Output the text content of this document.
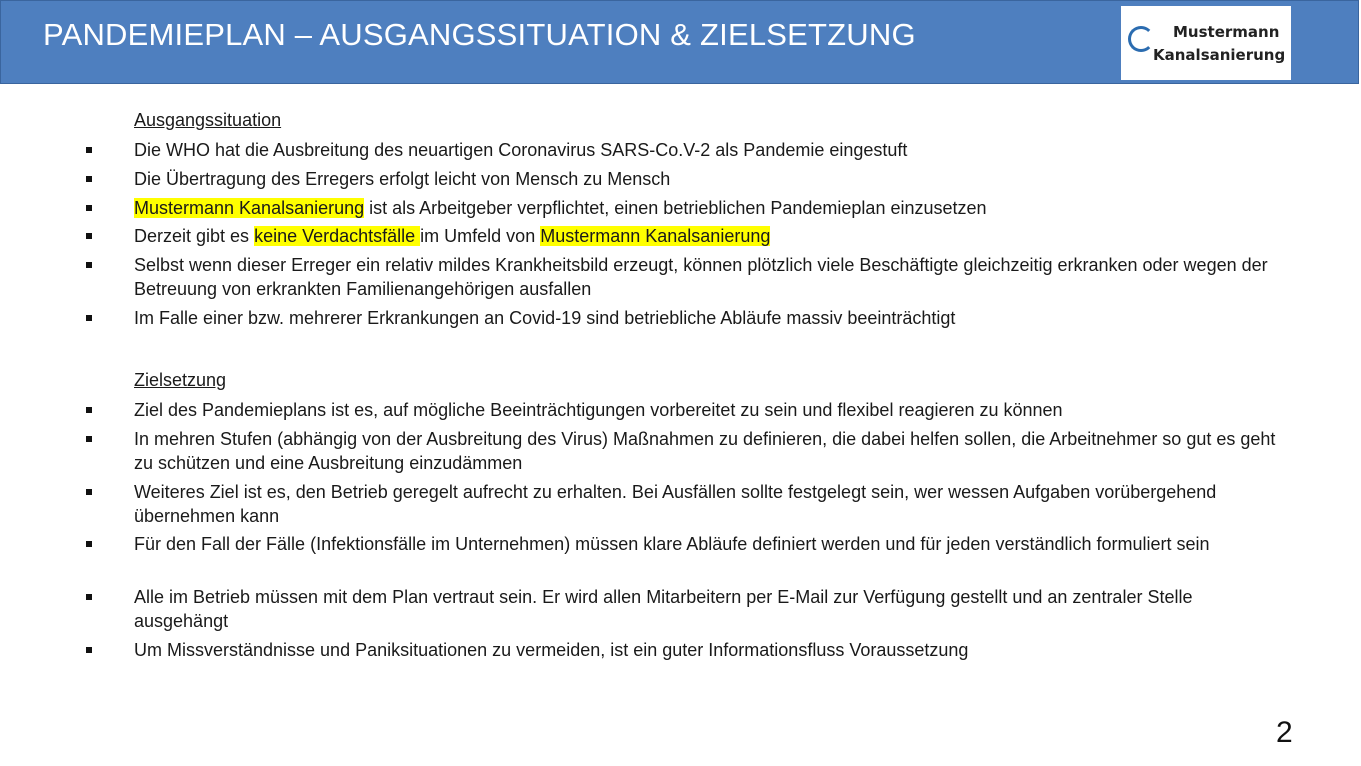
PANDEMIEPLAN – AUSGANGSSITUATION & ZIELSETZUNG	Mustermann
Kanalsanierung
Ausgangssituation
Die WHO hat die Ausbreitung des neuartigen Coronavirus SARS-Co.V-2 als Pandemie eingestuft
Die Übertragung des Erregers erfolgt leicht von Mensch zu Mensch
Mustermann Kanalsanierung ist als Arbeitgeber verpflichtet, einen betrieblichen Pandemieplan einzusetzen
Derzeit gibt es keine Verdachtsfälle im Umfeld von Mustermann Kanalsanierung
Selbst wenn dieser Erreger ein relativ mildes Krankheitsbild erzeugt, können plötzlich viele Beschäftigte gleichzeitig erkranken oder wegen der Betreuung von erkrankten Familienangehörigen ausfallen
Im Falle einer bzw. mehrerer Erkrankungen an Covid-19 sind betriebliche Abläufe massiv beeinträchtigt
Zielsetzung
Ziel des Pandemieplans ist es, auf mögliche Beeinträchtigungen vorbereitet zu sein und flexibel reagieren zu können
In mehren Stufen (abhängig von der Ausbreitung des Virus) Maßnahmen zu definieren, die dabei helfen sollen, die Arbeitnehmer so gut es geht zu schützen und eine Ausbreitung einzudämmen
Weiteres Ziel ist es, den Betrieb geregelt aufrecht zu erhalten. Bei Ausfällen sollte festgelegt sein, wer wessen Aufgaben vorübergehend übernehmen kann
Für den Fall der Fälle (Infektionsfälle im Unternehmen) müssen klare Abläufe definiert werden und für jeden verständlich formuliert sein
Alle im Betrieb müssen mit dem Plan vertraut sein. Er wird allen Mitarbeitern per E-Mail zur Verfügung gestellt und an zentraler Stelle ausgehängt
Um Missverständnisse und Paniksituationen zu vermeiden, ist ein guter Informationsfluss Voraussetzung
2
